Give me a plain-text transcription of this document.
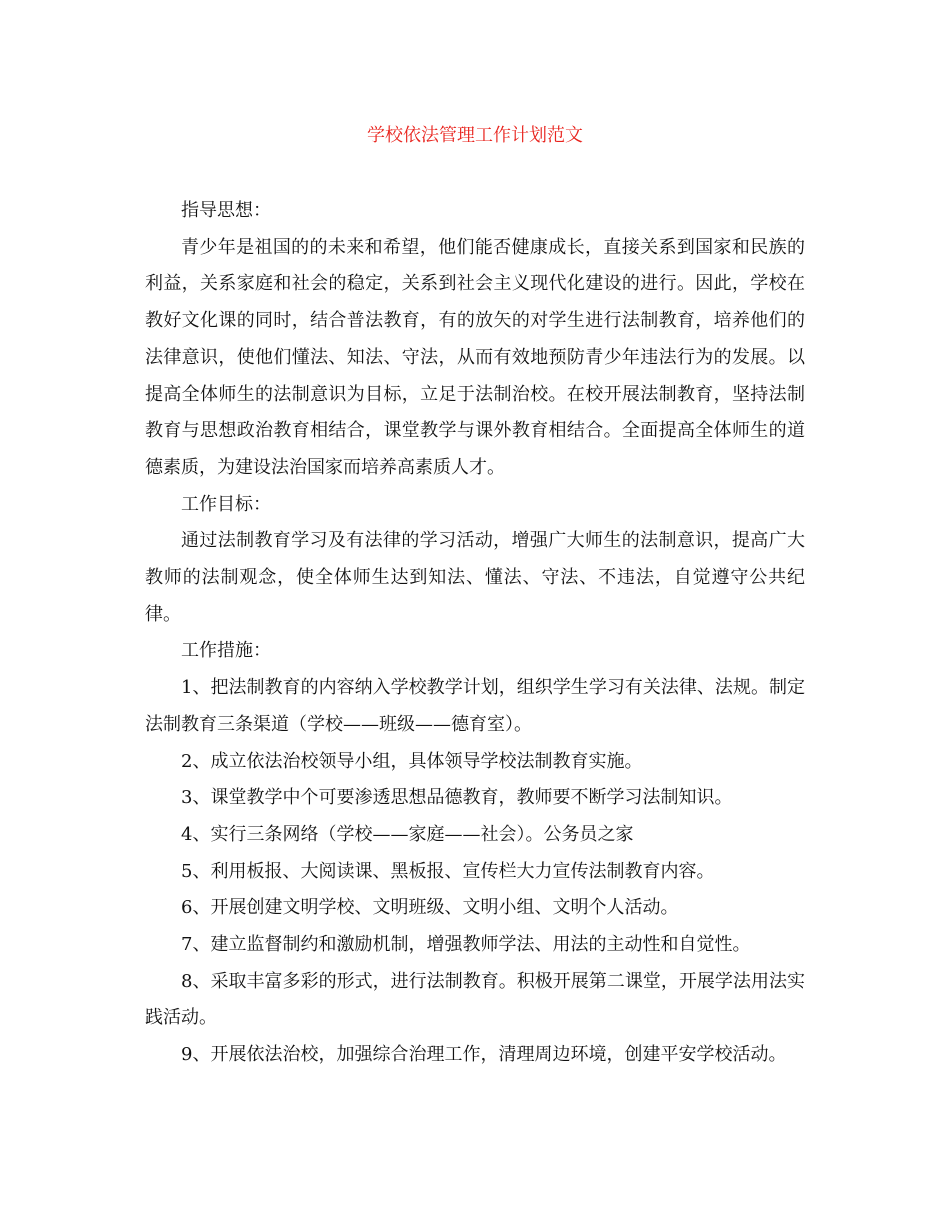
学校依法管理工作计划范文

指导思想：

青少年是祖国的的未来和希望，他们能否健康成长，直接关系到国家和民族的利益，关系家庭和社会的稳定，关系到社会主义现代化建设的进行。因此，学校在教好文化课的同时，结合普法教育，有的放矢的对学生进行法制教育，培养他们的法律意识，使他们懂法、知法、守法，从而有效地预防青少年违法行为的发展。以提高全体师生的法制意识为目标，立足于法制治校。在校开展法制教育，坚持法制教育与思想政治教育相结合，课堂教学与课外教育相结合。全面提高全体师生的道德素质，为建设法治国家而培养高素质人才。

工作目标：

通过法制教育学习及有法律的学习活动，增强广大师生的法制意识，提高广大教师的法制观念，使全体师生达到知法、懂法、守法、不违法，自觉遵守公共纪律。

工作措施：

1、把法制教育的内容纳入学校教学计划，组织学生学习有关法律、法规。制定法制教育三条渠道（学校——班级——德育室）。

2、成立依法治校领导小组，具体领导学校法制教育实施。

3、课堂教学中个可要渗透思想品德教育，教师要不断学习法制知识。

4、实行三条网络（学校——家庭——社会）。公务员之家

5、利用板报、大阅读课、黑板报、宣传栏大力宣传法制教育内容。

6、开展创建文明学校、文明班级、文明小组、文明个人活动。

7、建立监督制约和激励机制，增强教师学法、用法的主动性和自觉性。

8、采取丰富多彩的形式，进行法制教育。积极开展第二课堂，开展学法用法实践活动。

9、开展依法治校，加强综合治理工作，清理周边环境，创建平安学校活动。
